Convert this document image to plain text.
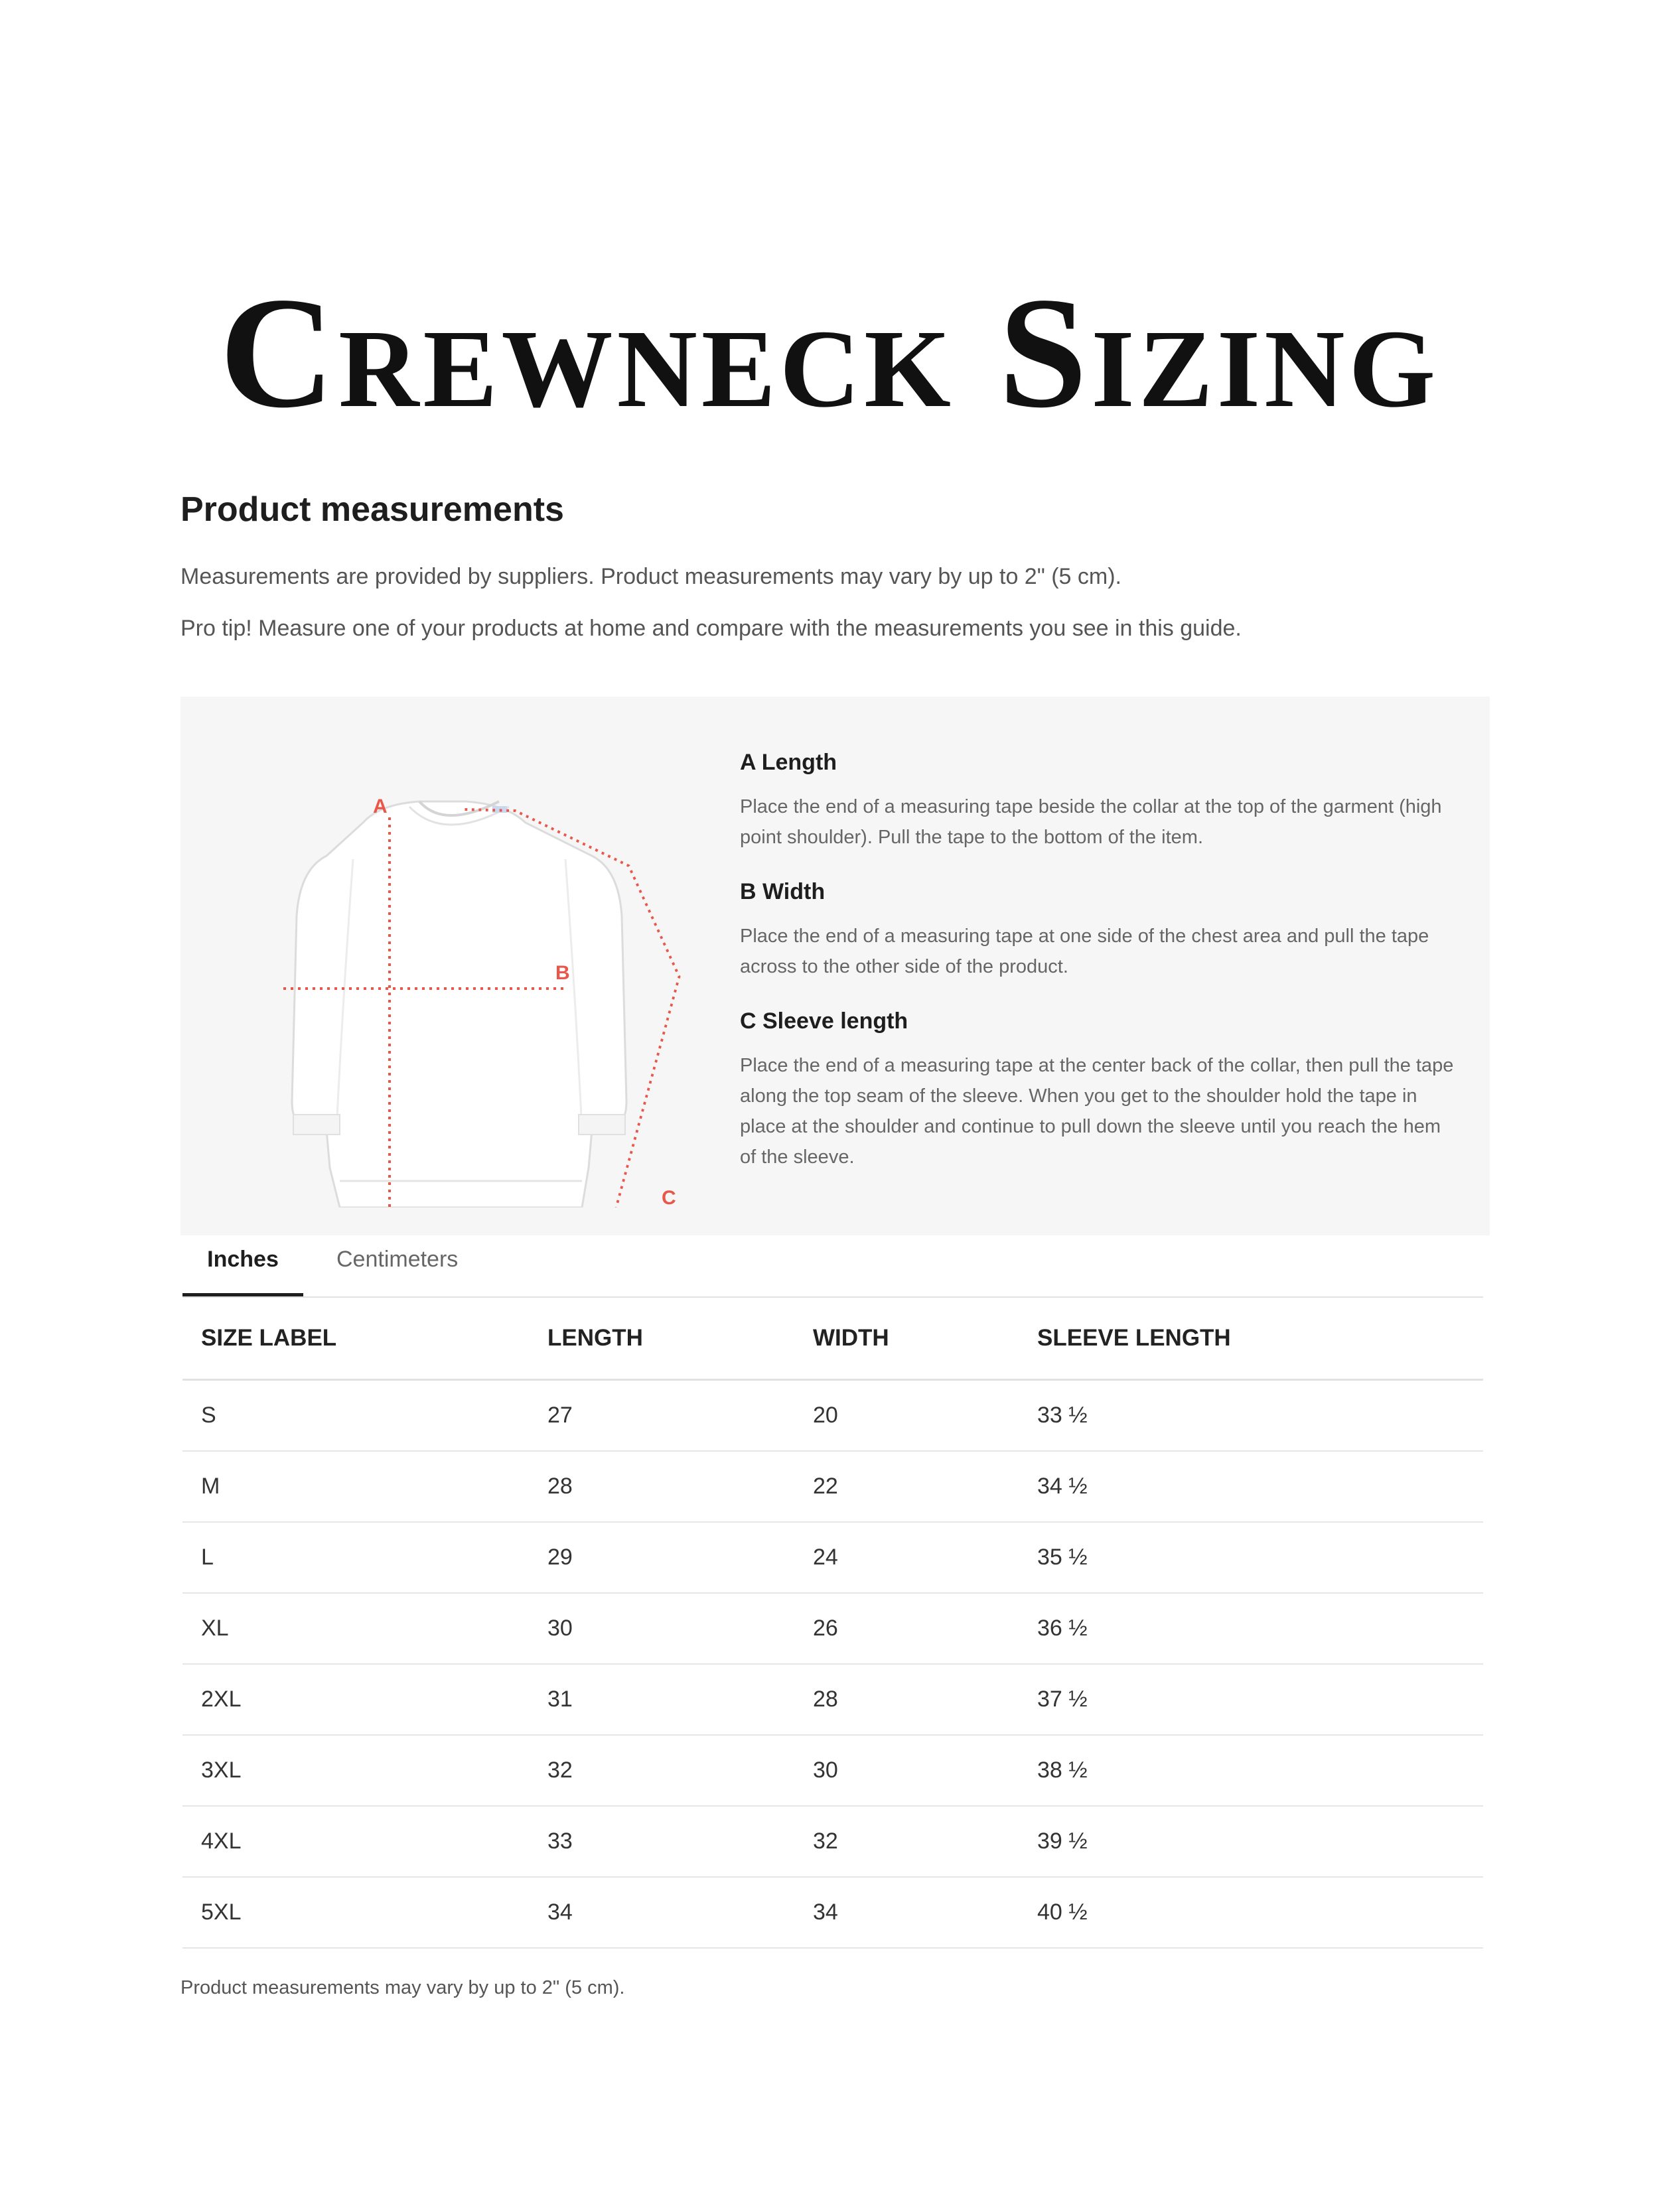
Crewneck Sizing
Product measurements

Measurements are provided by suppliers. Product measurements may vary by up to 2" (5 cm).

Pro tip! Measure one of your products at home and compare with the measurements you see in this guide.

A
B
C
A Length

Place the end of a measuring tape beside the collar at the top of the garment (high point shoulder). Pull the tape to the bottom of the item.

B Width

Place the end of a measuring tape at one side of the chest area and pull the tape across to the other side of the product.

C Sleeve length

Place the end of a measuring tape at the center back of the collar, then pull the tape along the top seam of the sleeve. When you get to the shoulder hold the tape in place at the shoulder and continue to pull down the sleeve until you reach the hem of the sleeve.

Inches	Centimeters
SIZE LABEL	LENGTH	WIDTH	SLEEVE LENGTH
S	27	20	33 ½
M	28	22	34 ½
L	29	24	35 ½
XL	30	26	36 ½
2XL	31	28	37 ½
3XL	32	30	38 ½
4XL	33	32	39 ½
5XL	34	34	40 ½

Product measurements may vary by up to 2" (5 cm).
